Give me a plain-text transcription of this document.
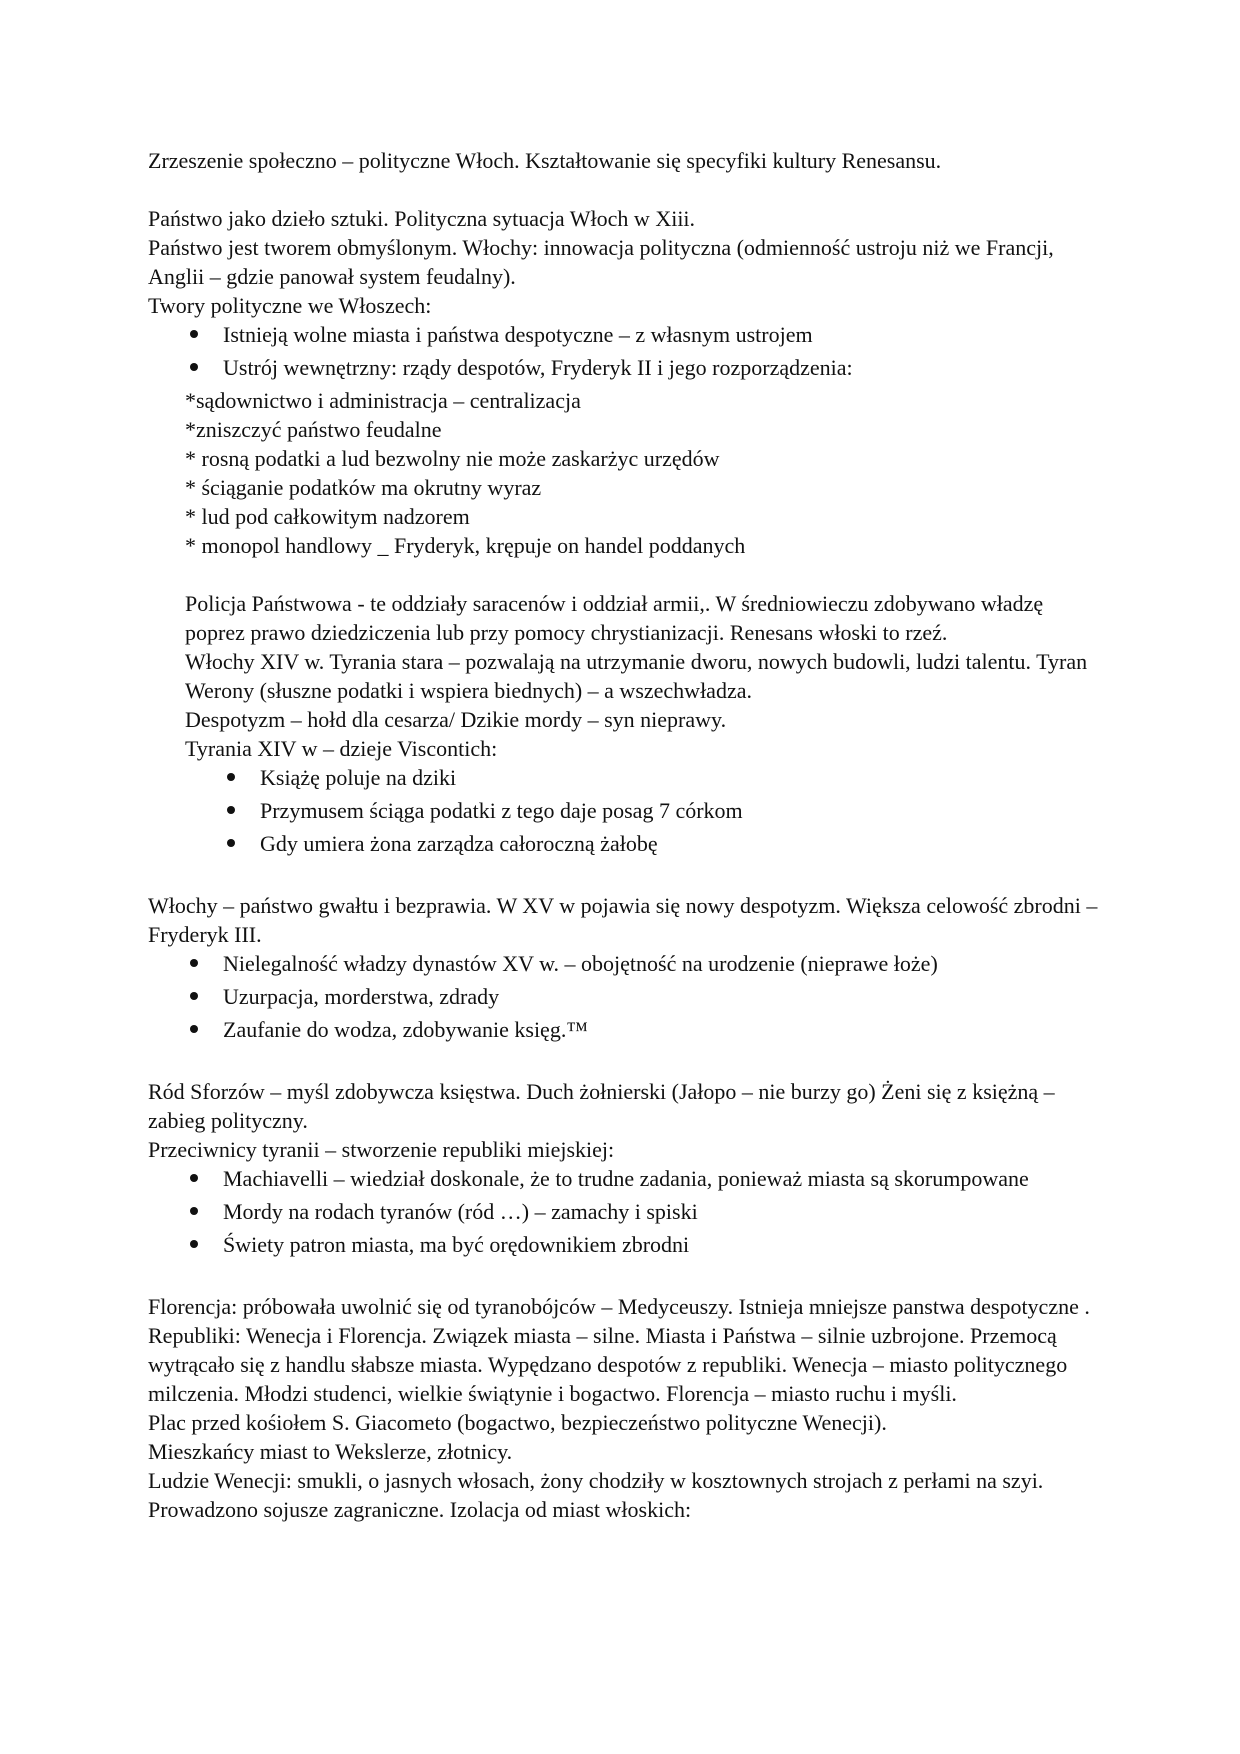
Zrzeszenie społeczno – polityczne Włoch. Kształtowanie się specyfiki kultury Renesansu.

Państwo jako dzieło sztuki. Polityczna sytuacja Włoch w Xiii.

Państwo jest tworem obmyślonym. Włochy: innowacja polityczna (odmienność ustroju niż we Francji, Anglii – gdzie panował system feudalny).

Twory polityczne we Włoszech:

Istnieją wolne miasta i państwa despotyczne – z własnym ustrojem
Ustrój wewnętrzny: rządy despotów, Fryderyk II i jego rozporządzenia:

*sądownictwo i administracja – centralizacja

*zniszczyć państwo feudalne

* rosną podatki a lud bezwolny nie może zaskarżyc urzędów

* ściąganie podatków ma okrutny wyraz

* lud pod całkowitym nadzorem

* monopol handlowy _ Fryderyk, krępuje on handel poddanych

Policja Państwowa - te oddziały saracenów i oddział armii,. W średniowieczu zdobywano władzę poprez prawo dziedziczenia lub przy pomocy chrystianizacji. Renesans włoski to rzeź.

Włochy XIV w. Tyrania stara – pozwalają na utrzymanie dworu, nowych budowli, ludzi talentu. Tyran Werony (słuszne podatki i wspiera biednych) – a wszechwładza.

Despotyzm – hołd dla cesarza/ Dzikie mordy – syn nieprawy.

Tyrania XIV w – dzieje Viscontich:

Książę poluje na dziki
Przymusem ściąga podatki z tego daje posag 7 córkom
Gdy umiera żona zarządza całoroczną żałobę

Włochy – państwo gwałtu i bezprawia. W XV w pojawia się nowy despotyzm. Większa celowość zbrodni – Fryderyk III.

Nielegalność władzy dynastów XV w. – obojętność na urodzenie (nieprawe łoże)
Uzurpacja, morderstwa, zdrady
Zaufanie do wodza, zdobywanie księg.™

Ród Sforzów – myśl zdobywcza księstwa. Duch żołnierski (Jałopo – nie burzy go) Żeni się z księżną – zabieg polityczny.

Przeciwnicy tyranii – stworzenie republiki miejskiej:

Machiavelli – wiedział doskonale, że to trudne zadania, ponieważ miasta są skorumpowane
Mordy na rodach tyranów (ród …) – zamachy i spiski
Świety patron miasta, ma być orędownikiem zbrodni

Florencja: próbowała uwolnić się od tyranobójców – Medyceuszy. Istnieja mniejsze panstwa despotyczne . Republiki: Wenecja i Florencja. Związek miasta – silne. Miasta i Państwa – silnie uzbrojone. Przemocą wytrącało się z handlu słabsze miasta. Wypędzano despotów z republiki. Wenecja – miasto politycznego milczenia. Młodzi studenci, wielkie świątynie i bogactwo. Florencja – miasto ruchu i myśli.

Plac przed kośiołem S. Giacometo (bogactwo, bezpieczeństwo polityczne Wenecji).

Mieszkańcy miast to Wekslerze, złotnicy.

Ludzie Wenecji: smukli, o jasnych włosach, żony chodziły w kosztownych strojach z perłami na szyi. Prowadzono sojusze zagraniczne. Izolacja od miast włoskich:
